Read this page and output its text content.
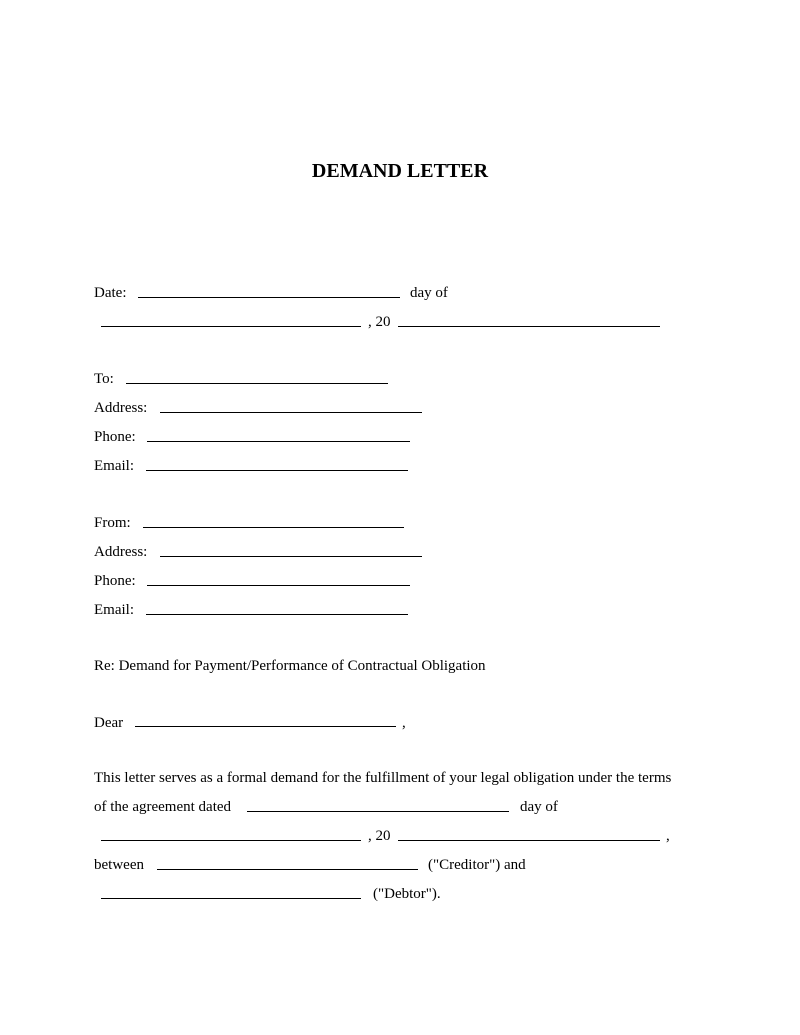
DEMAND LETTER
Date:	day of
, 20
To:
Address:
Phone:
Email:
From:
Address:
Phone:
Email:
Re: Demand for Payment/Performance of Contractual Obligation
Dear	,
This letter serves as a formal demand for the fulfillment of your legal obligation under the terms
of the agreement dated	day of
, 20	,
between	("Creditor") and
("Debtor").
